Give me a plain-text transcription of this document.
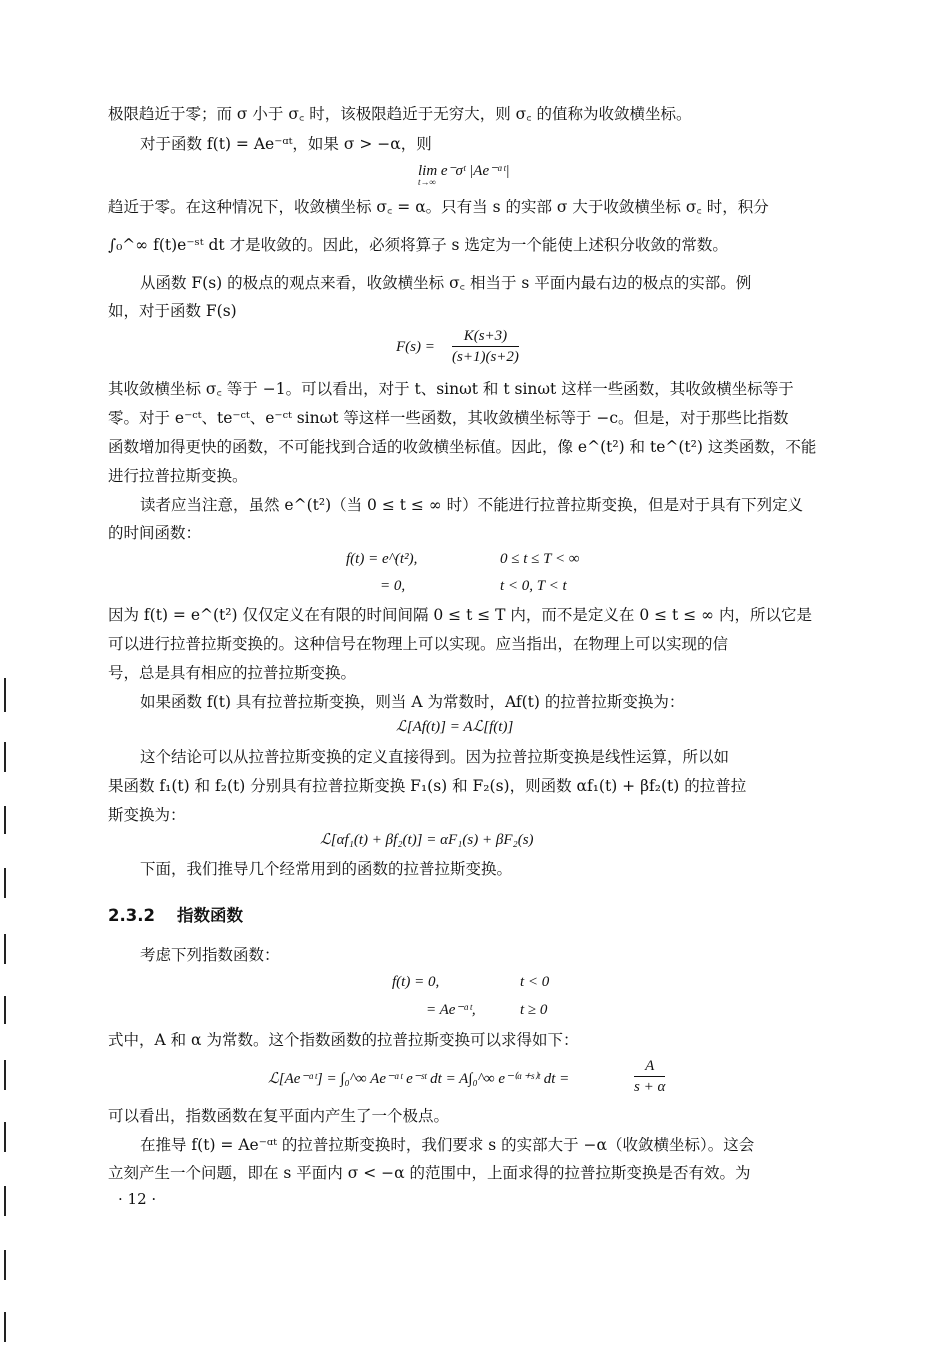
极限趋近于零；而 σ 小于 σ꜀ 时，该极限趋近于无穷大，则 σ꜀ 的值称为收敛横坐标。
对于函数 f(t) = Ae⁻ᵅᵗ，如果 σ > −α，则
lim e⁻σᵗ |Ae⁻ᵅᵗ|
t→∞
趋近于零。在这种情况下，收敛横坐标 σ꜀ = α。只有当 s 的实部 σ 大于收敛横坐标 σ꜀ 时，积分
∫₀^∞ f(t)e⁻ˢᵗ dt 才是收敛的。因此，必须将算子 s 选定为一个能使上述积分收敛的常数。
从函数 F(s) 的极点的观点来看，收敛横坐标 σ꜀ 相当于 s 平面内最右边的极点的实部。例
如，对于函数 F(s)
$F(s) = \frac{K(s+3)}{(s+1)(s+2)}$
其收敛横坐标 σ꜀ 等于 −1。可以看出，对于 t、sinωt 和 t sinωt 这样一些函数，其收敛横坐标等于
零。对于 e⁻ᶜᵗ、te⁻ᶜᵗ、e⁻ᶜᵗ sinωt 等这样一些函数，其收敛横坐标等于 −c。但是，对于那些比指数
函数增加得更快的函数，不可能找到合适的收敛横坐标值。因此，像 e^(t²) 和 te^(t²) 这类函数，不能
进行拉普拉斯变换。
读者应当注意，虽然 e^(t²)（当 0 ≤ t ≤ ∞ 时）不能进行拉普拉斯变换，但是对于具有下列定义
的时间函数：
f(t) = e^(t²),	0 ≤ t ≤ T < ∞
= 0,	t < 0, T < t
因为 f(t) = e^(t²) 仅仅定义在有限的时间间隔 0 ≤ t ≤ T 内，而不是定义在 0 ≤ t ≤ ∞ 内，所以它是
可以进行拉普拉斯变换的。这种信号在物理上可以实现。应当指出，在物理上可以实现的信
号，总是具有相应的拉普拉斯变换。
如果函数 f(t) 具有拉普拉斯变换，则当 A 为常数时，Af(t) 的拉普拉斯变换为：
ℒ[Af(t)] = Aℒ[f(t)]
这个结论可以从拉普拉斯变换的定义直接得到。因为拉普拉斯变换是线性运算，所以如
果函数 f₁(t) 和 f₂(t) 分别具有拉普拉斯变换 F₁(s) 和 F₂(s)，则函数 αf₁(t) + βf₂(t) 的拉普拉
斯变换为：
ℒ[αf₁(t) + βf₂(t)] = αF₁(s) + βF₂(s)
下面，我们推导几个经常用到的函数的拉普拉斯变换。
2.3.2 指数函数
考虑下列指数函数：
f(t) = 0,	t < 0
= Ae⁻ᵅᵗ,	t ≥ 0
式中，A 和 α 为常数。这个指数函数的拉普拉斯变换可以求得如下：
ℒ[Ae⁻ᵅᵗ] = ∫₀^∞ Ae⁻ᵅᵗ e⁻ˢᵗ dt = A∫₀^∞ e⁻⁽ᵅ⁺ˢ⁾ᵗ dt =	$\frac{A}{s + \alpha}$
可以看出，指数函数在复平面内产生了一个极点。
在推导 f(t) = Ae⁻ᵅᵗ 的拉普拉斯变换时，我们要求 s 的实部大于 −α（收敛横坐标）。这会
立刻产生一个问题，即在 s 平面内 σ < −α 的范围中，上面求得的拉普拉斯变换是否有效。为
· 12 ·
